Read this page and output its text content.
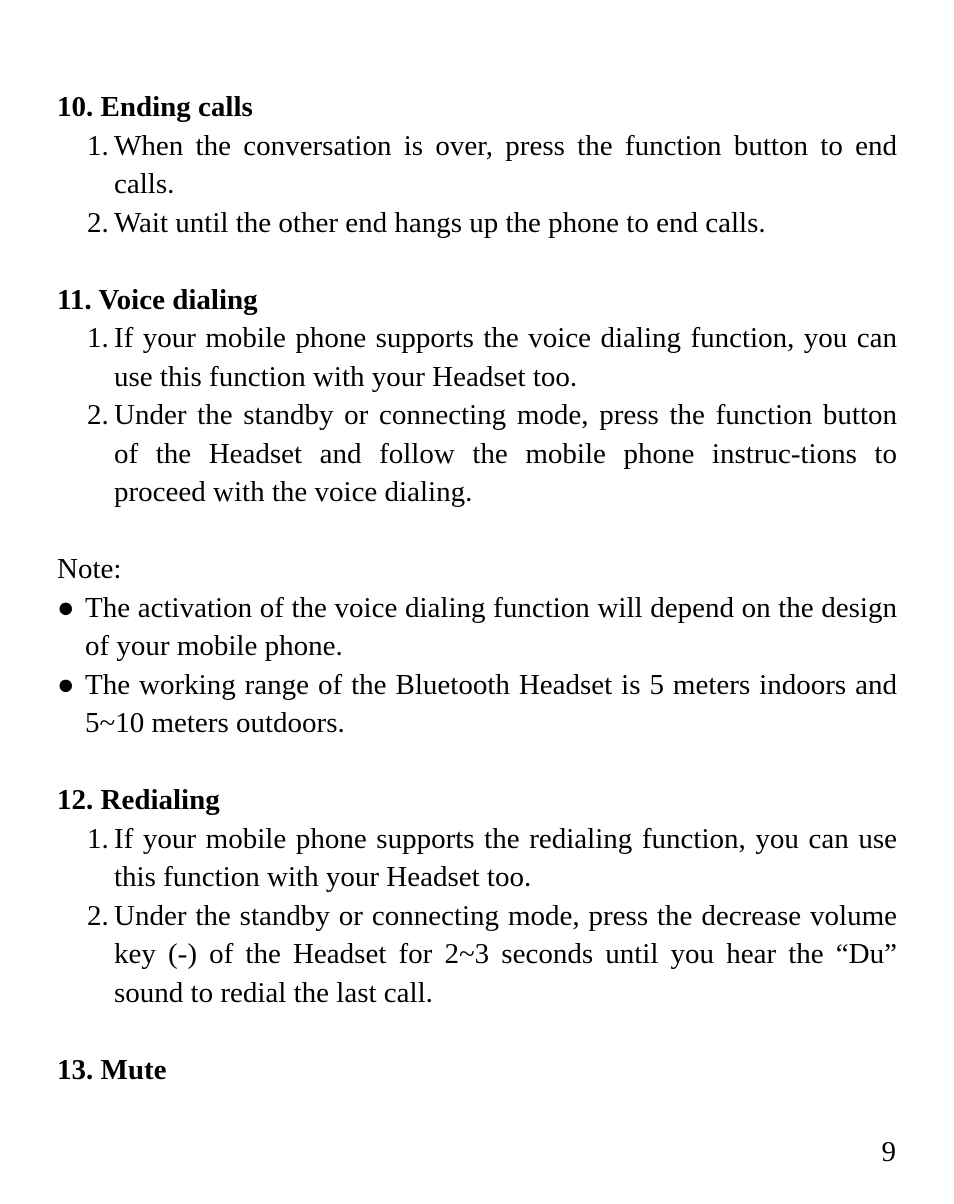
10. Ending calls

1. When the conversation is over, press the function button to end calls.
2. Wait until the other end hangs up the phone to end calls.

11. Voice dialing

1. If your mobile phone supports the voice dialing function, you can use this function with your Headset too.
2. Under the standby or connecting mode, press the function button of the Headset and follow the mobile phone instruc-tions to proceed with the voice dialing.

Note:

● The activation of the voice dialing function will depend on the design of your mobile phone.
● The working range of the Bluetooth Headset is 5 meters indoors and 5~10 meters outdoors.

12. Redialing

1. If your mobile phone supports the redialing function, you can use this function with your Headset too.
2. Under the standby or connecting mode, press the decrease volume key (-) of the Headset for 2~3 seconds until you hear the “Du” sound to redial the last call.

13. Mute

9
